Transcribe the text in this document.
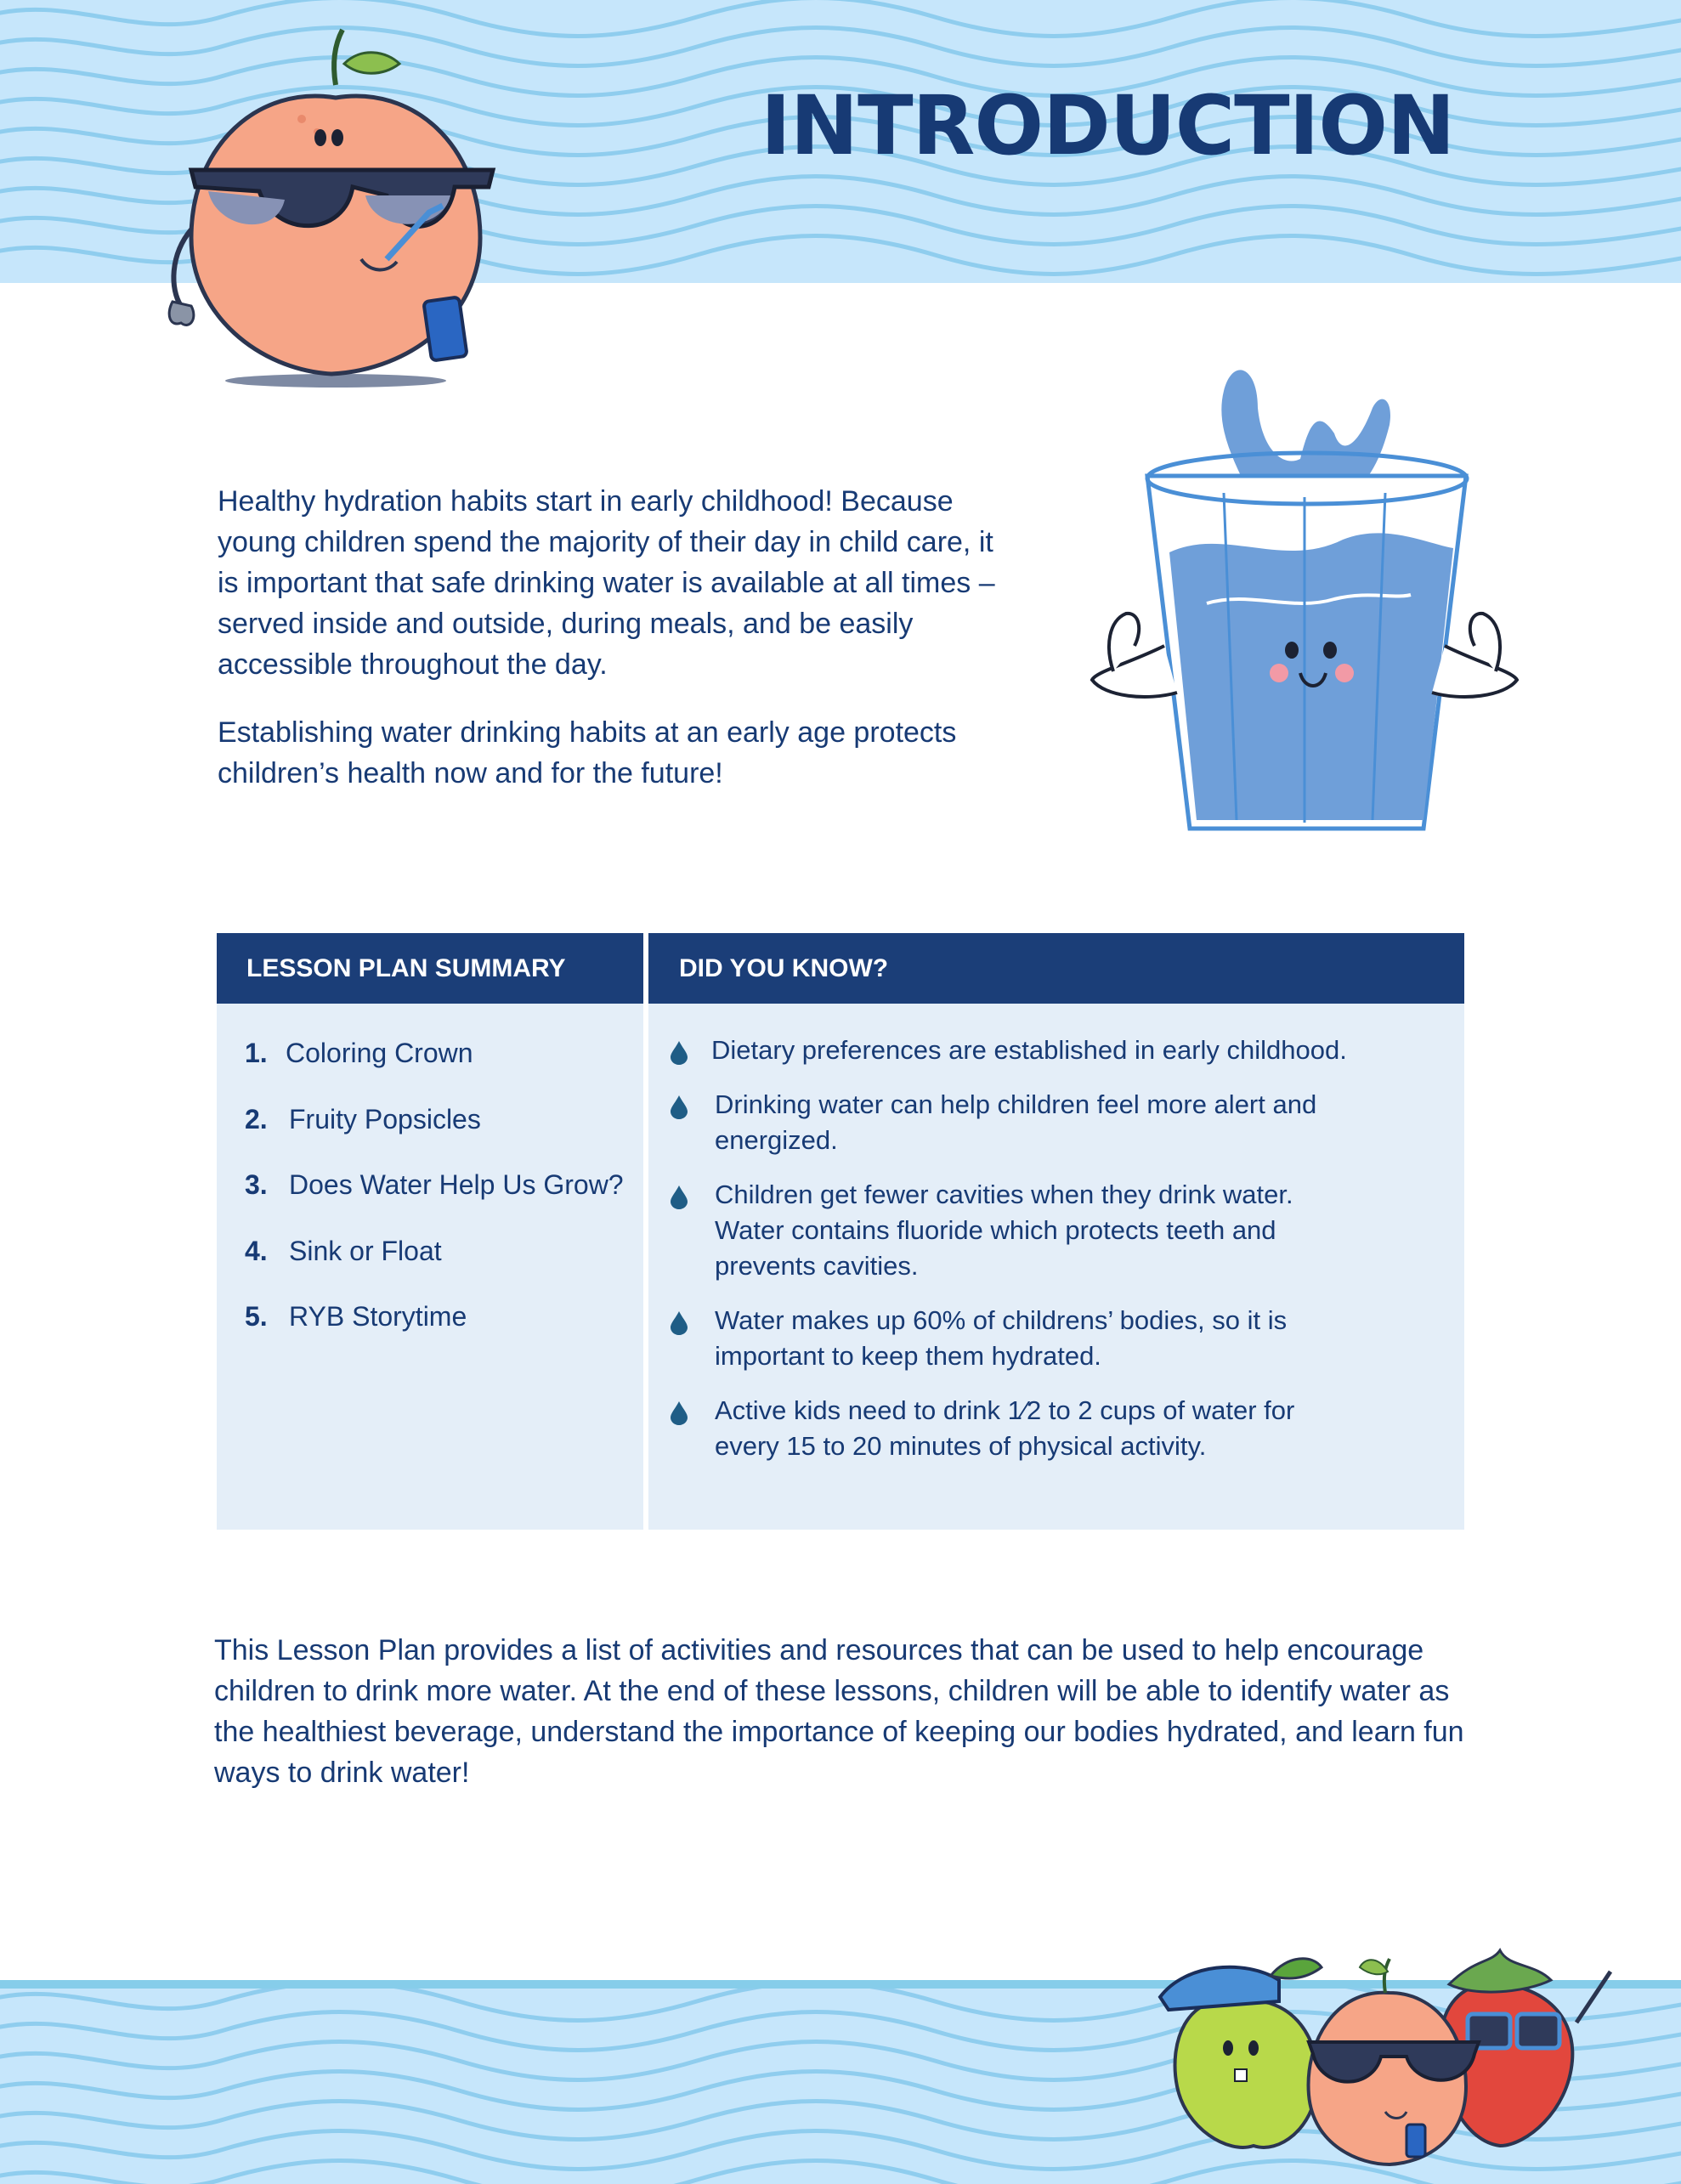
INTRODUCTION

Healthy hydration habits start in early childhood! Because young children spend the majority of their day in child care, it is important that safe drinking water is available at all times – served inside and outside, during meals, and be easily accessible throughout the day.

Establishing water drinking habits at an early age protects children’s health now and for the future!

LESSON PLAN SUMMARY
1. Coloring Crown
2. Fruity Popsicles
3. Does Water Help Us Grow?
4. Sink or Float
5. RYB Storytime
DID YOU KNOW?
Dietary preferences are established in early childhood.
Drinking water can help children feel more alert and energized.
Children get fewer cavities when they drink water. Water contains fluoride which protects teeth and prevents cavities.
Water makes up 60% of childrens’ bodies, so it is important to keep them hydrated.
Active kids need to drink 1⁄2 to 2 cups of water for every 15 to 20 minutes of physical activity.

This Lesson Plan provides a list of activities and resources that can be used to help encourage children to drink more water. At the end of these lessons, children will be able to identify water as the healthiest beverage, understand the importance of keeping our bodies hydrated, and learn fun ways to drink water!
